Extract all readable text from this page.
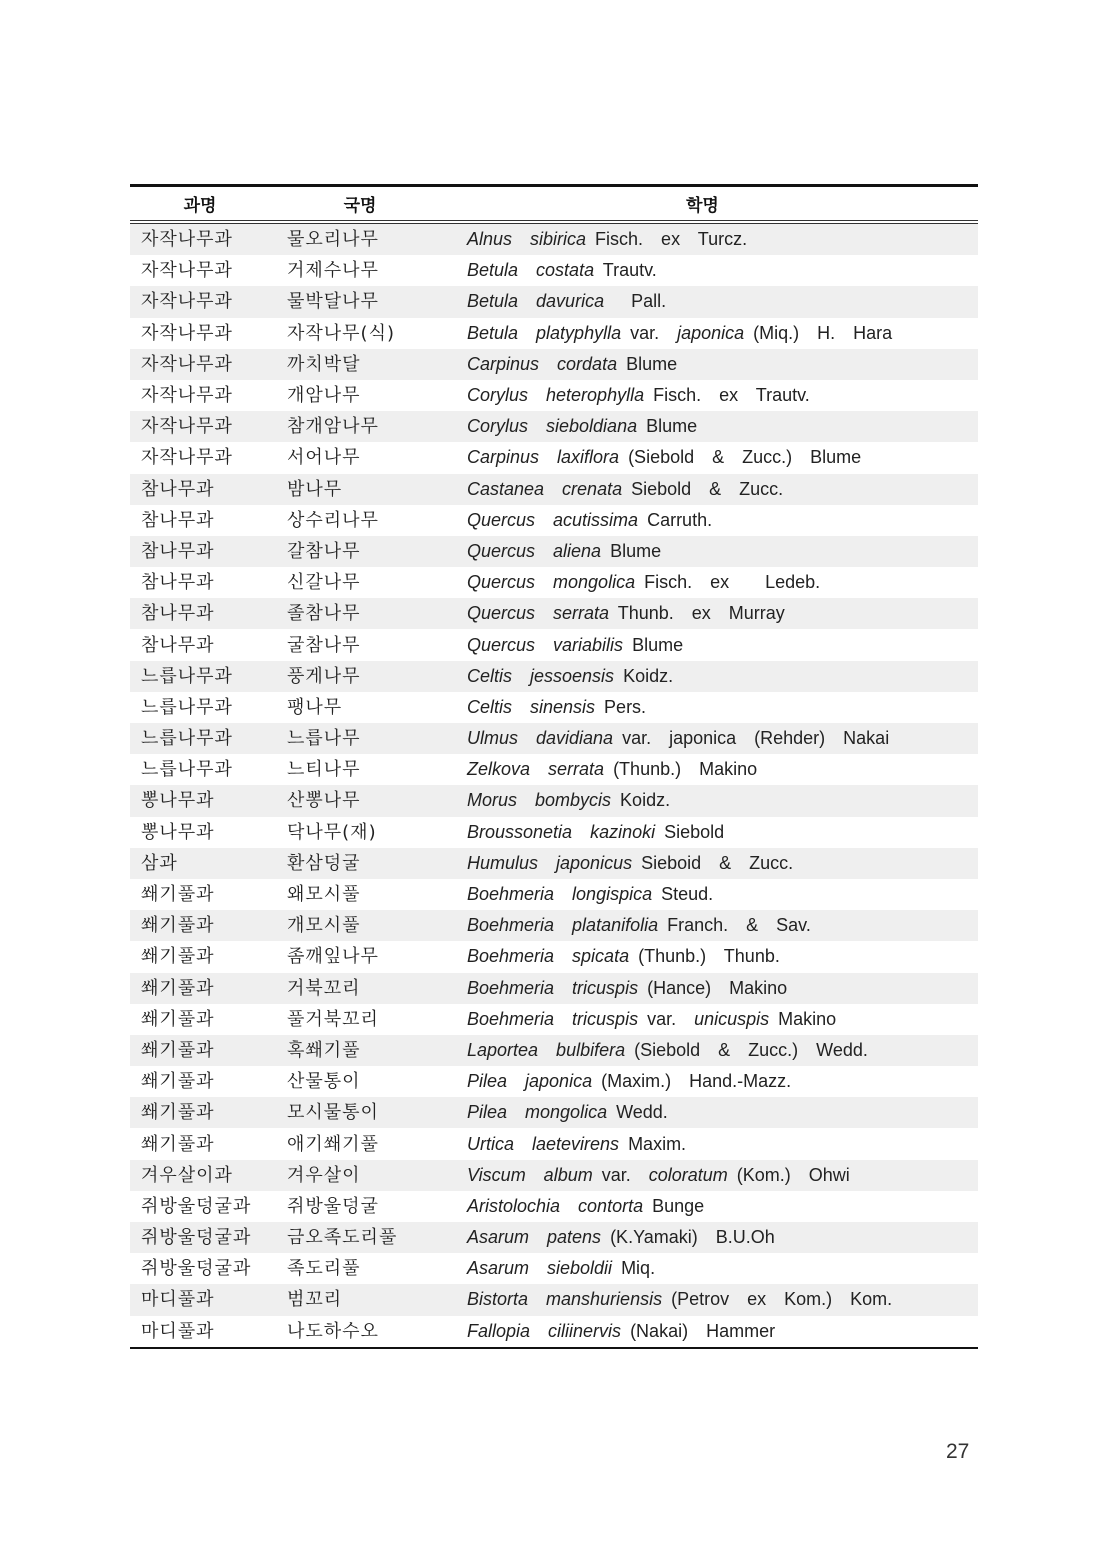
과명	국명	학명
자작나무과	물오리나무	Alnus  sibirica Fisch.  ex  Turcz.
자작나무과	거제수나무	Betula  costata Trautv.
자작나무과	물박달나무	Betula  davurica   Pall.
자작나무과	자작나무(식)	Betula  platyphylla var.  japonica (Miq.)  H.  Hara
자작나무과	까치박달	Carpinus  cordata Blume
자작나무과	개암나무	Corylus  heterophylla Fisch.  ex  Trautv.
자작나무과	참개암나무	Corylus  sieboldiana Blume
자작나무과	서어나무	Carpinus  laxiflora (Siebold  &  Zucc.)  Blume
참나무과	밤나무	Castanea  crenata Siebold  &  Zucc.
참나무과	상수리나무	Quercus  acutissima Carruth.
참나무과	갈참나무	Quercus  aliena Blume
참나무과	신갈나무	Quercus  mongolica Fisch.  ex    Ledeb.
참나무과	졸참나무	Quercus  serrata Thunb.  ex  Murray
참나무과	굴참나무	Quercus  variabilis Blume
느릅나무과	풍게나무	Celtis  jessoensis Koidz.
느릅나무과	팽나무	Celtis  sinensis Pers.
느릅나무과	느릅나무	Ulmus  davidiana var.  japonica  (Rehder)  Nakai
느릅나무과	느티나무	Zelkova  serrata (Thunb.)  Makino
뽕나무과	산뽕나무	Morus  bombycis Koidz.
뽕나무과	닥나무(재)	Broussonetia  kazinoki Siebold
삼과	환삼덩굴	Humulus  japonicus Sieboid  &  Zucc.
쐐기풀과	왜모시풀	Boehmeria  longispica Steud.
쐐기풀과	개모시풀	Boehmeria  platanifolia Franch.  &  Sav.
쐐기풀과	좀깨잎나무	Boehmeria  spicata (Thunb.)  Thunb.
쐐기풀과	거북꼬리	Boehmeria  tricuspis (Hance)  Makino
쐐기풀과	풀거북꼬리	Boehmeria  tricuspis var.  unicuspis Makino
쐐기풀과	혹쐐기풀	Laportea  bulbifera (Siebold  &  Zucc.)  Wedd.
쐐기풀과	산물통이	Pilea  japonica (Maxim.)  Hand.-Mazz.
쐐기풀과	모시물통이	Pilea  mongolica Wedd.
쐐기풀과	애기쐐기풀	Urtica  laetevirens Maxim.
겨우살이과	겨우살이	Viscum  album var.  coloratum (Kom.)  Ohwi
쥐방울덩굴과	쥐방울덩굴	Aristolochia  contorta Bunge
쥐방울덩굴과	금오족도리풀	Asarum  patens (K.Yamaki)  B.U.Oh
쥐방울덩굴과	족도리풀	Asarum  sieboldii Miq.
마디풀과	범꼬리	Bistorta  manshuriensis (Petrov  ex  Kom.)  Kom.
마디풀과	나도하수오	Fallopia  ciliinervis (Nakai)  Hammer
27
